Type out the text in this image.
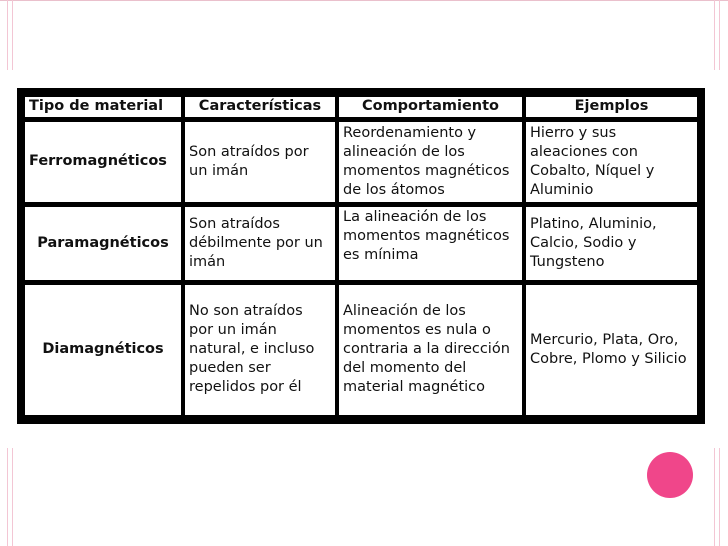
Tipo de material	Características	Comportamiento	Ejemplos
Ferromagnéticos	Son atraídos por un imán	Reordenamiento y alineación de los momentos magnéticos de los átomos	Hierro y sus aleaciones con Cobalto, Níquel y Aluminio
Paramagnéticos	Son atraídos débilmente por un imán	La alineación de los momentos magnéticos es mínima	Platino, Aluminio, Calcio, Sodio y Tungsteno
Diamagnéticos	No son atraídos por un imán natural, e incluso pueden ser repelidos por él	Alineación de los momentos es nula o contraria a la dirección del momento del material magnético	Mercurio, Plata, Oro, Cobre, Plomo y Silicio
